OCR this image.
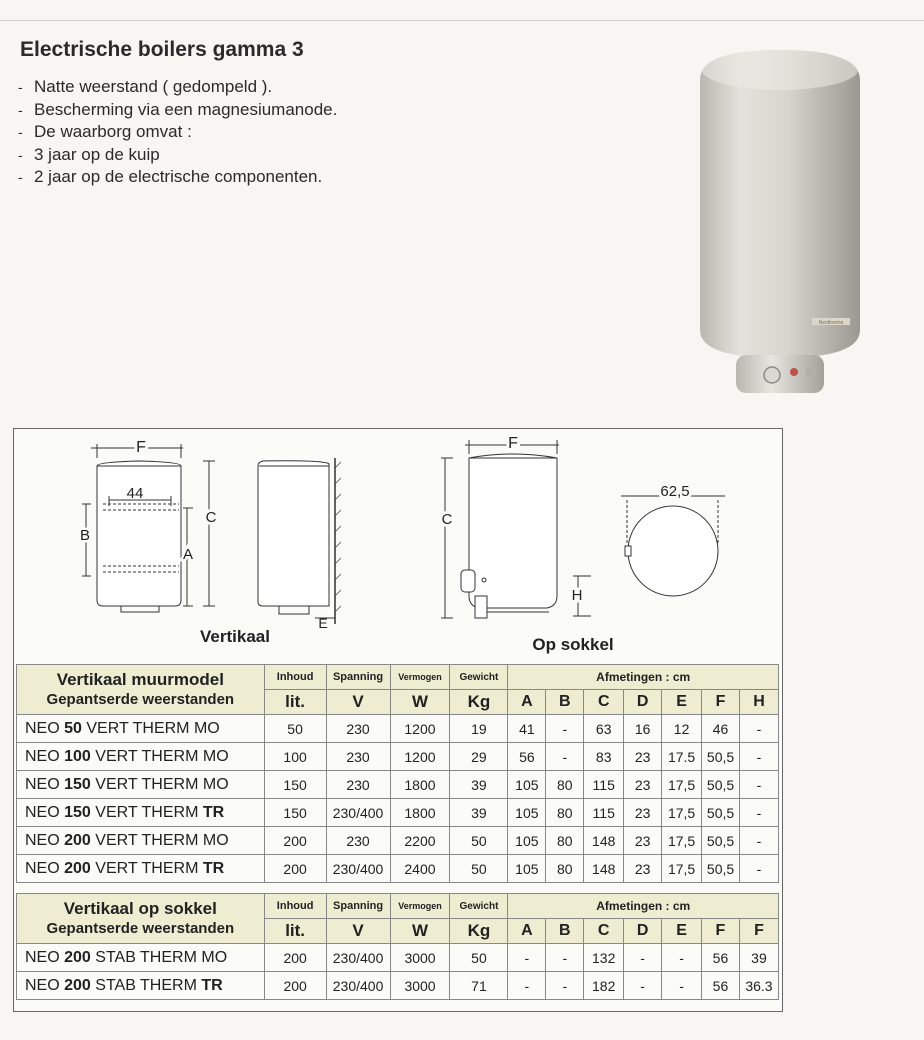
Electrische boilers gamma 3
- Natte weerstand ( gedompeld ).
- Bescherming via een magnesiumanode.
- De waarborg omvat :
- 3 jaar op de kuip
- 2 jaar op de electrische componenten.
Neotherme
F
44
B
A
C
E
Vertikaal
F
C
H
Op sokkel
62,5
Vertikaal muurmodel
Gepantserde weerstanden	Inhoud	Spanning	Vermogen	Gewicht	Afmetingen : cm						
	lit.	V	W	Kg	A	B	C	D	E	F	H
NEO 50 VERT THERM MO	50	230	1200	19	41	-	63	16	12	46	-
NEO 100 VERT THERM MO	100	230	1200	29	56	-	83	23	17.5	50,5	-
NEO 150 VERT THERM MO	150	230	1800	39	105	80	115	23	17,5	50,5	-
NEO 150 VERT THERM TR	150	230/400	1800	39	105	80	115	23	17,5	50,5	-
NEO 200 VERT THERM MO	200	230	2200	50	105	80	148	23	17,5	50,5	-
NEO 200 VERT THERM TR	200	230/400	2400	50	105	80	148	23	17,5	50,5	-
Vertikaal op sokkel
Gepantserde weerstanden	Inhoud	Spanning	Vermogen	Gewicht	Afmetingen : cm						
	lit.	V	W	Kg	A	B	C	D	E	F	F
NEO 200 STAB THERM MO	200	230/400	3000	50	-	-	132	-	-	56	39
NEO 200 STAB THERM TR	200	230/400	3000	71	-	-	182	-	-	56	36.3
